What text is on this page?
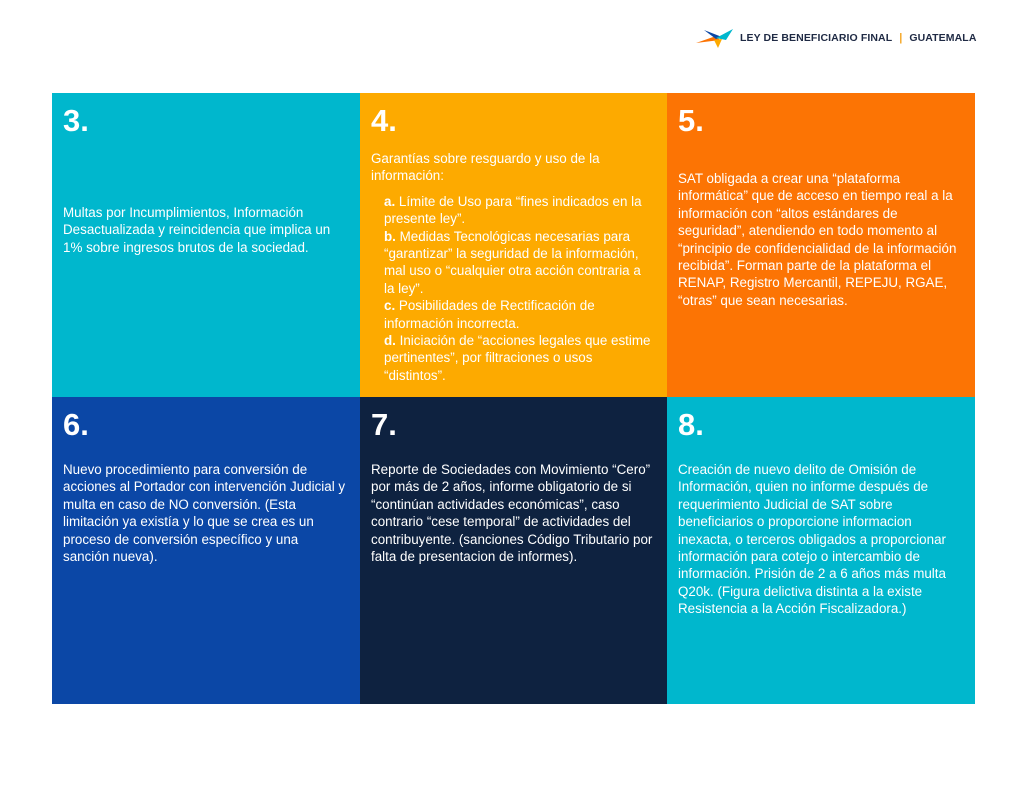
LEY DE BENEFICIARIO FINAL | GUATEMALA
3.

Multas por Incumplimientos, Información Desactualizada y reincidencia que implica un 1% sobre ingresos brutos de la sociedad.

4.

Garantías sobre resguardo y uso de la información:

a. Límite de Uso para “fines indicados en la presente ley”.
b. Medidas Tecnológicas necesarias para “garantizar” la seguridad de la información, mal uso o “cualquier otra acción contraria a la ley”.
c. Posibilidades de Rectificación de información incorrecta.
d. Iniciación de “acciones legales que estime pertinentes”, por filtraciones o usos “distintos”.
5.

SAT obligada a crear una “plataforma informática” que de acceso en tiempo real a la información con “altos estándares de seguridad”, atendiendo en todo momento al “principio de confidencialidad de la información recibida”. Forman parte de la plataforma el RENAP, Registro Mercantil, REPEJU, RGAE, “otras” que sean necesarias.

6.

Nuevo procedimiento para conversión de acciones al Portador con intervención Judicial y multa en caso de NO conversión. (Esta limitación ya existía y lo que se crea es un proceso de conversión específico y una sanción nueva).

7.

Reporte de Sociedades con Movimiento “Cero” por más de 2 años, informe obligatorio de si “continúan actividades económicas”, caso contrario “cese temporal” de actividades del contribuyente. (sanciones Código Tributario por falta de presentacion de informes).

8.

Creación de nuevo delito de Omisión de Información, quien no informe después de requerimiento Judicial de SAT sobre beneficiarios o proporcione informacion inexacta, o terceros obligados a proporcionar información para cotejo o intercambio de información. Prisión de 2 a 6 años más multa Q20k. (Figura delictiva distinta a la existe Resistencia a la Acción Fiscalizadora.)
